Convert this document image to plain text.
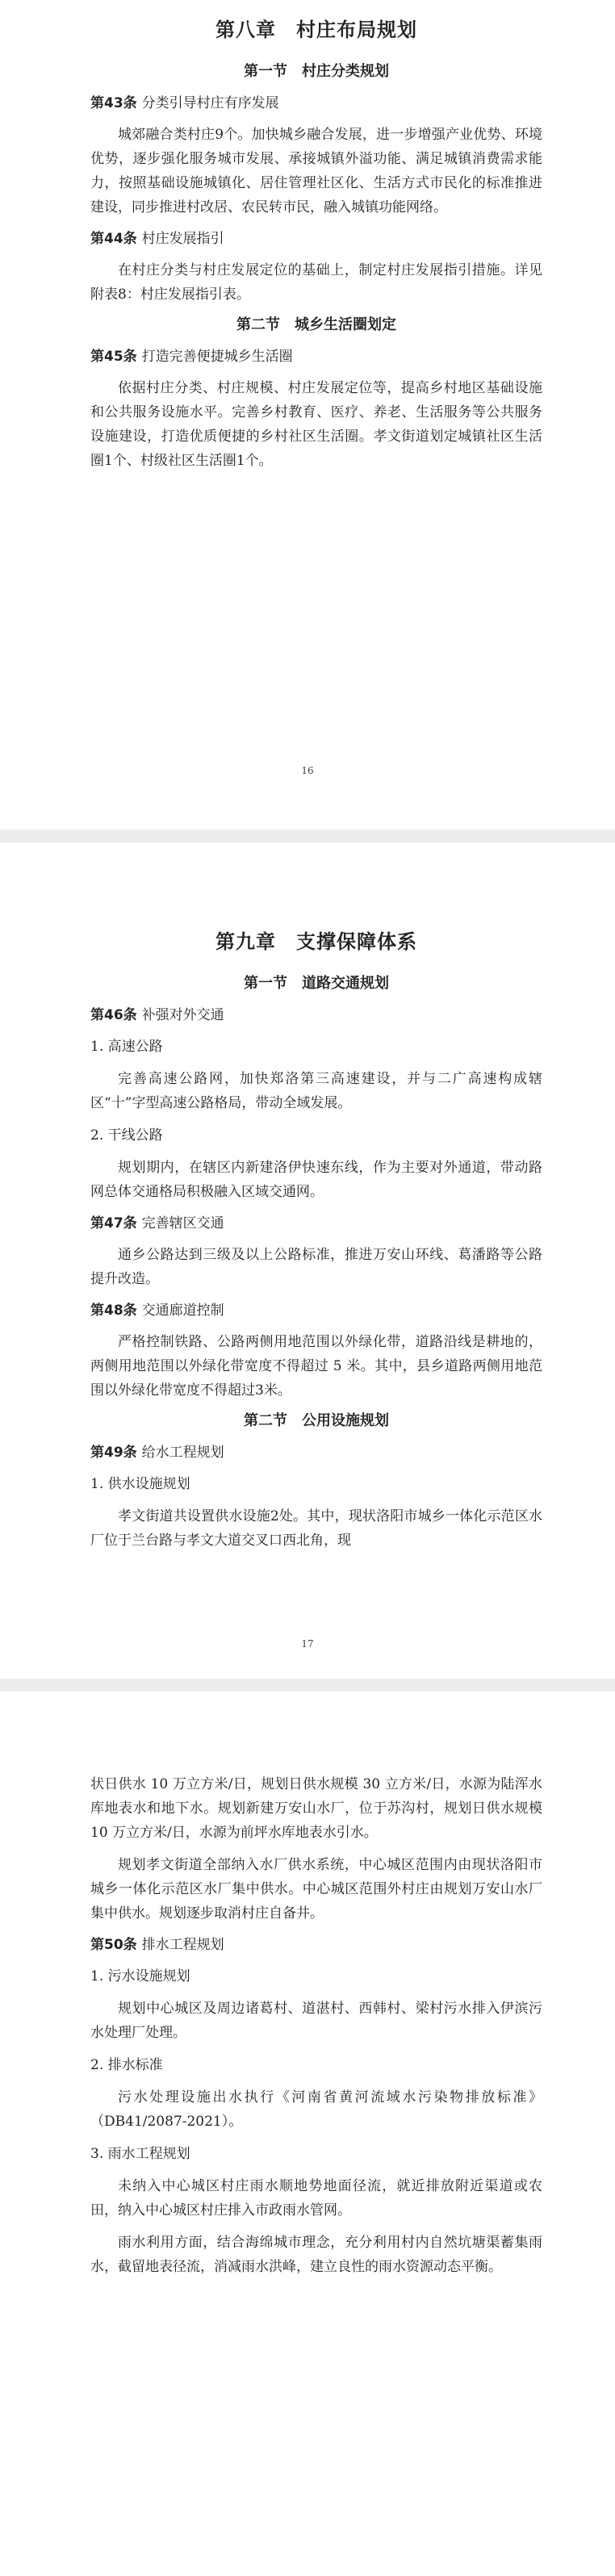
第八章　村庄布局规划
第一节　村庄分类规划
第43条 分类引导村庄有序发展

城郊融合类村庄9个。加快城乡融合发展，进一步增强产业优势、环境优势，逐步强化服务城市发展、承接城镇外溢功能、满足城镇消费需求能力，按照基础设施城镇化、居住管理社区化、生活方式市民化的标准推进建设，同步推进村改居、农民转市民，融入城镇功能网络。

第44条 村庄发展指引

在村庄分类与村庄发展定位的基础上，制定村庄发展指引措施。详见附表8：村庄发展指引表。

第二节　城乡生活圈划定
第45条 打造完善便捷城乡生活圈

依据村庄分类、村庄规模、村庄发展定位等，提高乡村地区基础设施和公共服务设施水平。完善乡村教育、医疗、养老、生活服务等公共服务设施建设，打造优质便捷的乡村社区生活圈。孝文街道划定城镇社区生活圈1个、村级社区生活圈1个。

16
第九章　支撑保障体系
第一节　道路交通规划
第46条 补强对外交通
1. 高速公路

完善高速公路网，加快郑洛第三高速建设，并与二广高速构成辖区“十”字型高速公路格局，带动全域发展。

2. 干线公路

规划期内，在辖区内新建洛伊快速东线，作为主要对外通道，带动路网总体交通格局积极融入区域交通网。

第47条 完善辖区交通

通乡公路达到三级及以上公路标准，推进万安山环线、葛潘路等公路提升改造。

第48条 交通廊道控制

严格控制铁路、公路两侧用地范围以外绿化带，道路沿线是耕地的，两侧用地范围以外绿化带宽度不得超过 5 米。其中，县乡道路两侧用地范围以外绿化带宽度不得超过3米。

第二节　公用设施规划
第49条 给水工程规划
1. 供水设施规划

孝文街道共设置供水设施2处。其中，现状洛阳市城乡一体化示范区水厂位于兰台路与孝文大道交叉口西北角，现

17

状日供水 10 万立方米/日，规划日供水规模 30 立方米/日，水源为陆浑水库地表水和地下水。规划新建万安山水厂，位于苏沟村，规划日供水规模 10 万立方米/日，水源为前坪水库地表水引水。

规划孝文街道全部纳入水厂供水系统，中心城区范围内由现状洛阳市城乡一体化示范区水厂集中供水。中心城区范围外村庄由规划万安山水厂集中供水。规划逐步取消村庄自备井。

第50条 排水工程规划
1. 污水设施规划

规划中心城区及周边诸葛村、道湛村、西韩村、梁村污水排入伊滨污水处理厂处理。

2. 排水标准

污水处理设施出水执行《河南省黄河流域水污染物排放标准》（DB41/2087-2021）。

3. 雨水工程规划

未纳入中心城区村庄雨水顺地势地面径流，就近排放附近渠道或农田，纳入中心城区村庄排入市政雨水管网。

雨水利用方面，结合海绵城市理念，充分利用村内自然坑塘渠蓄集雨水，截留地表径流，消减雨水洪峰，建立良性的雨水资源动态平衡。
